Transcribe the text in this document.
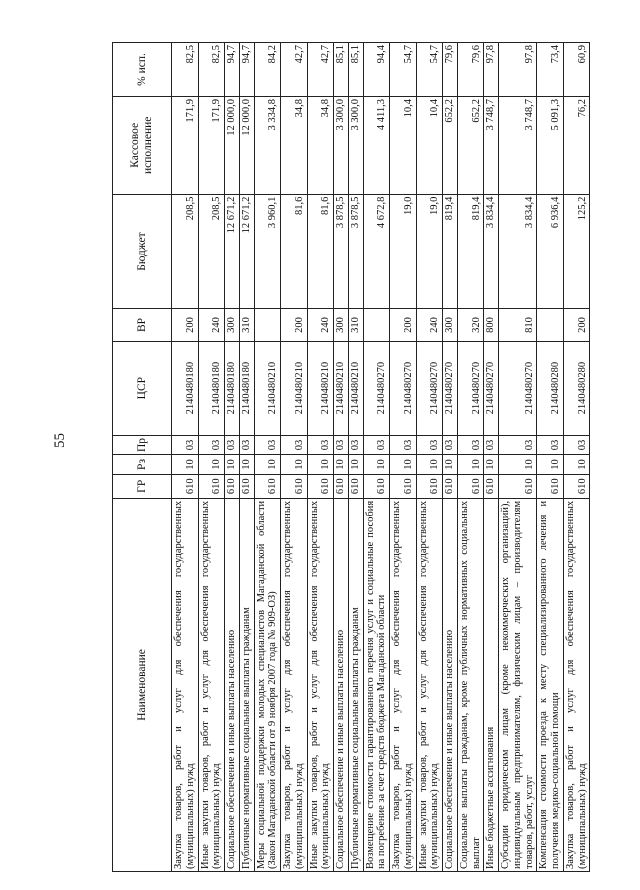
55
Наименование	ГР	Рз	Пр	ЦСР	ВР	Бюджет	Кассовое исполнение	% исп.
Закупка товаров, работ и услуг для обеспечения государственных (муниципальных) нужд	610	10	03	2140480180	200	208,5	171,9	82,5
Иные закупки товаров, работ и услуг для обеспечения государственных (муниципальных) нужд	610	10	03	2140480180	240	208,5	171,9	82,5
Социальное обеспечение и иные выплаты населению	610	10	03	2140480180	300	12 671,2	12 000,0	94,7
Публичные нормативные социальные выплаты гражданам	610	10	03	2140480180	310	12 671,2	12 000,0	94,7
Меры социальной поддержки молодых специалистов Магаданской области (Закон Магаданской области от 9 ноября 2007 года № 909-ОЗ)	610	10	03	2140480210		3 960,1	3 334,8	84,2
Закупка товаров, работ и услуг для обеспечения государственных (муниципальных) нужд	610	10	03	2140480210	200	81,6	34,8	42,7
Иные закупки товаров, работ и услуг для обеспечения государственных (муниципальных) нужд	610	10	03	2140480210	240	81,6	34,8	42,7
Социальное обеспечение и иные выплаты населению	610	10	03	2140480210	300	3 878,5	3 300,0	85,1
Публичные нормативные социальные выплаты гражданам	610	10	03	2140480210	310	3 878,5	3 300,0	85,1
Возмещение стоимости гарантированного перечня услуг и социальные пособия на погребение за счет средств бюджета Магаданской области	610	10	03	2140480270		4 672,8	4 411,3	94,4
Закупка товаров, работ и услуг для обеспечения государственных (муниципальных) нужд	610	10	03	2140480270	200	19,0	10,4	54,7
Иные закупки товаров, работ и услуг для обеспечения государственных (муниципальных) нужд	610	10	03	2140480270	240	19,0	10,4	54,7
Социальное обеспечение и иные выплаты населению	610	10	03	2140480270	300	819,4	652,2	79,6
Социальные выплаты гражданам, кроме публичных нормативных социальных выплат	610	10	03	2140480270	320	819,4	652,2	79,6
Иные бюджетные ассигнования	610	10	03	2140480270	800	3 834,4	3 748,7	97,8
Субсидии юридическим лицам (кроме некоммерческих организаций), индивидуальным предпринимателям, физическим лицам – производителям товаров, работ, услуг	610	10	03	2140480270	810	3 834,4	3 748,7	97,8
Компенсация стоимости проезда к месту специализированного лечения и получения медико-социальной помощи	610	10	03	2140480280		6 936,4	5 091,3	73,4
Закупка товаров, работ и услуг для обеспечения государственных (муниципальных) нужд	610	10	03	2140480280	200	125,2	76,2	60,9
